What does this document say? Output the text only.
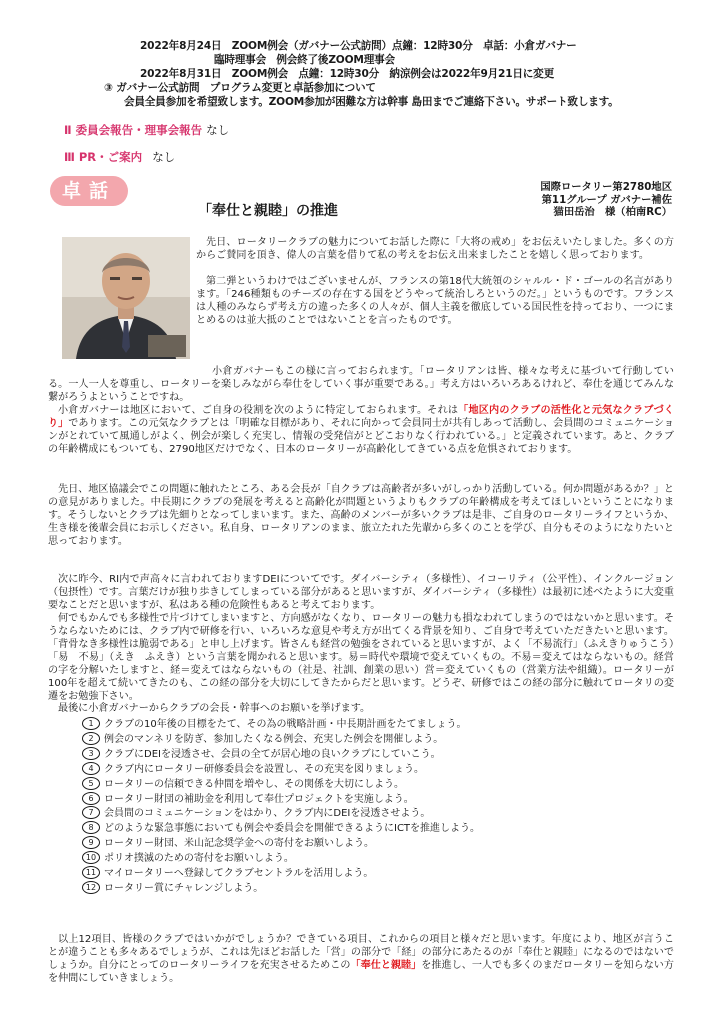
2022年8月24日　ZOOM例会（ガバナー公式訪問）点鐘：12時30分　卓話：小倉ガバナー
臨時理事会　例会終了後ZOOM理事会
2022年8月31日　ZOOM例会　点鐘：12時30分　納涼例会は2022年9月21日に変更
③ ガバナー公式訪問　プログラム変更と卓話参加について
会員全員参加を希望致します。ZOOM参加が困難な方は幹事 島田までご連絡下さい。サポート致します。
Ⅱ 委員会報告・理事会報告 なし
Ⅲ PR・ご案内 なし
卓話
「奉仕と親睦」の推進
国際ロータリー第2780地区
第11グループ ガバナー補佐
猫田岳治　様（柏南RC）
先日、ロータリークラブの魅力についてお話した際に「大将の戒め」をお伝えいたしました。多くの方からご賛同を頂き、偉人の言葉を借りて私の考えをお伝え出来ましたことを嬉しく思っております。
第二弾というわけではございませんが、フランスの第18代大統領のシャルル・ド・ゴールの名言があります。「246種類ものチーズの存在する国をどうやって統治しろというのだ。」というものです。フランスは人種のみならず考え方の違った多くの人々が、個人主義を徹底している国民性を持っており、一つにまとめるのは並大抵のことではないことを言ったものです。
小倉ガバナーもこの様に言っておられます。「ロータリアンは皆、様々な考えに基づいて行動している。一人一人を尊重し、ロータリーを楽しみながら奉仕をしていく事が重要である。」考え方はいろいろあるけれど、奉仕を通じてみんな繋がろうよということですね。
小倉ガバナーは地区において、ご自身の役割を次のように特定しておられます。それは「地区内のクラブの活性化と元気なクラブづくり」であります。この元気なクラブとは「明確な目標があり、それに向かって会員同士が共有しあって活動し、会員間のコミュニケーションがとれていて風通しがよく、例会が楽しく充実し、情報の受発信がとどこおりなく行われている。」と定義されています。あと、クラブの年齢構成にもついても、2790地区だけでなく、日本のロータリーが高齢化してきている点を危惧されております。
先日、地区協議会でこの問題に触れたところ、ある会長が「自クラブは高齢者が多いがしっかり活動している。何か問題があるか？」との意見がありました。中長期にクラブの発展を考えると高齢化が問題というよりもクラブの年齢構成を考えてほしいということになります。そうしないとクラブは先細りとなってしまいます。また、高齢のメンバーが多いクラブは是非、ご自身のロータリーライフというか、生き様を後輩会員にお示しください。私自身、ロータリアンのまま、旅立たれた先輩から多くのことを学び、自分もそのようになりたいと思っております。
次に昨今、RI内で声高々に言われておりますDEIについてです。ダイバーシティ（多様性）、イコーリティ（公平性）、インクルージョン（包摂性）です。言葉だけが独り歩きしてしまっている部分があると思いますが、ダイバーシティ（多様性）は最初に述べたように大変重要なことだと思いますが、私はある種の危険性もあると考えております。
何でもかんでも多様性で片づけてしまいますと、方向感がなくなり、ロータリーの魅力も損なわれてしまうのではないかと思います。そうならないためには、クラブ内で研修を行い、いろいろな意見や考え方が出てくる背景を知り、ご自身で考えていただきたいと思います。「背骨なき多様性は脆弱である」と申し上げます。皆さんも経営の勉強をされていると思いますが、よく「不易流行」（ふえきりゅうこう）「易　不易」（えき　ふえき）という言葉を聞かれると思います。易＝時代や環境で変えていくもの。不易＝変えてはならないもの。経営の字を分解いたしますと、経＝変えてはならないもの（社是、社訓、創業の思い）営＝変えていくもの（営業方法や組織）。ロータリーが100年を超えて続いてきたのも、この経の部分を大切にしてきたからだと思います。どうぞ、研修ではこの経の部分に触れてロータリの変遷をお勉強下さい。
最後に小倉ガバナーからクラブの会長・幹事へのお願いを挙げます。
1 クラブの10年後の目標をたて、その為の戦略計画・中長期計画をたてましょう。
2 例会のマンネリを防ぎ、参加したくなる例会、充実した例会を開催しよう。
3 クラブにDEIを浸透させ、会員の全てが居心地の良いクラブにしていこう。
4 クラブ内にロータリー研修委員会を設置し、その充実を図りましょう。
5 ロータリーの信頼できる仲間を増やし、その関係を大切にしよう。
6 ロータリー財団の補助金を利用して奉仕プロジェクトを実施しよう。
7 会員間のコミュニケーションをはかり、クラブ内にDEIを浸透させよう。
8 どのような緊急事態においても例会や委員会を開催できるようにICTを推進しよう。
9 ロータリー財団、米山記念奨学金への寄付をお願いしよう。
10 ポリオ撲滅のための寄付をお願いしよう。
11 マイロータリーへ登録してクラブセントラルを活用しよう。
12 ロータリー賞にチャレンジしよう。
以上12項目、皆様のクラブではいかがでしょうか？できている項目、これからの項目と様々だと思います。年度により、地区が言うことが違うことも多々あるでしょうが、これは先ほどお話した「営」の部分で「経」の部分にあたるのが「奉仕と親睦」になるのではないでしょうか。自分にとってのロータリーライフを充実させるためこの「奉仕と親睦」を推進し、一人でも多くのまだロータリーを知らない方を仲間にしていきましょう。
